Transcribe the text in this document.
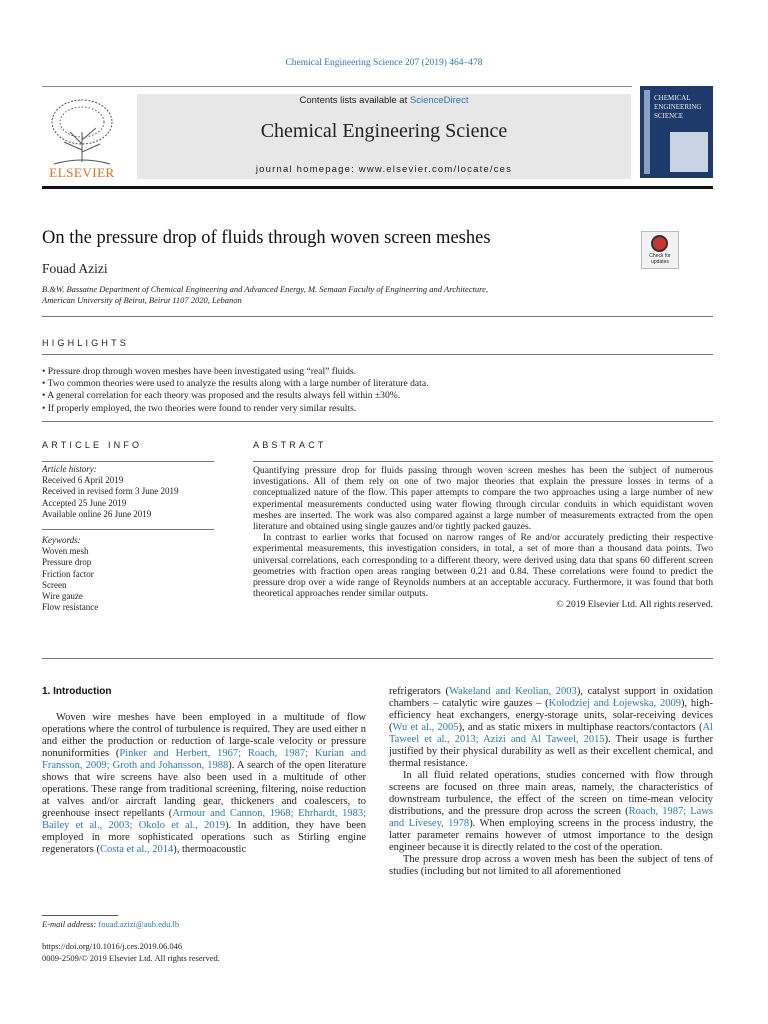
Chemical Engineering Science 207 (2019) 464–478
ELSEVIER
Contents lists available at ScienceDirect
Chemical Engineering Science
journal homepage: www.elsevier.com/locate/ces
CHEMICAL
ENGINEERING
SCIENCE
On the pressure drop of fluids through woven screen meshes
Fouad Azizi
B.&W. Bassatne Department of Chemical Engineering and Advanced Energy, M. Semaan Faculty of Engineering and Architecture,
American University of Beirut, Beirut 1107 2020, Lebanon
Check for
updates
HIGHLIGHTS
• Pressure drop through woven meshes have been investigated using “real” fluids.
• Two common theories were used to analyze the results along with a large number of literature data.
• A general correlation for each theory was proposed and the results always fell within ±30%.
• If properly employed, the two theories were found to render very similar results.
ARTICLE INFO
Article history:
Received 6 April 2019
Received in revised form 3 June 2019
Accepted 25 June 2019
Available online 26 June 2019
Keywords:
Woven mesh
Pressure drop
Friction factor
Screen
Wire gauze
Flow resistance
ABSTRACT

Quantifying pressure drop for fluids passing through woven screen meshes has been the subject of numerous investigations. All of them rely on one of two major theories that explain the pressure losses in terms of a conceptualized nature of the flow. This paper attempts to compare the two approaches using a large number of new experimental measurements conducted using water flowing through circular conduits in which equidistant woven meshes are inserted. The work was also compared against a large number of measurements extracted from the open literature and obtained using single gauzes and/or tightly packed gauzes.

In contrast to earlier works that focused on narrow ranges of Re and/or accurately predicting their respective experimental measurements, this investigation considers, in total, a set of more than a thousand data points. Two universal correlations, each corresponding to a different theory, were derived using data that spans 60 different screen geometries with fraction open areas ranging between 0.21 and 0.84. These correlations were found to predict the pressure drop over a wide range of Reynolds numbers at an acceptable accuracy. Furthermore, it was found that both theoretical approaches render similar outputs.

© 2019 Elsevier Ltd. All rights reserved.

1. Introduction

Woven wire meshes have been employed in a multitude of flow operations where the control of turbulence is required. They are used either n and either the production or reduction of large-scale velocity or pressure nonuniformities (Pinker and Herbert, 1967; Roach, 1987; Kurian and Fransson, 2009; Groth and Johansson, 1988). A search of the open literature shows that wire screens have also been used in a multitude of other operations. These range from traditional screening, filtering, noise reduction at valves and/or aircraft landing gear, thickeners and coalescers, to greenhouse insect repellants (Armour and Cannon, 1968; Ehrhardt, 1983; Bailey et al., 2003; Okolo et al., 2019). In addition, they have been employed in more sophisticated operations such as Stirling engine regenerators (Costa et al., 2014), thermoacoustic

refrigerators (Wakeland and Keolian, 2003), catalyst support in oxidation chambers – catalytic wire gauzes – (Kołodziej and Łojewska, 2009), high-efficiency heat exchangers, energy-storage units, solar-receiving devices (Wu et al., 2005), and as static mixers in multiphase reactors/contactors (Al Taweel et al., 2013; Azizi and Al Taweel, 2015). Their usage is further justified by their physical durability as well as their excellent chemical, and thermal resistance.

In all fluid related operations, studies concerned with flow through screens are focused on three main areas, namely, the characteristics of downstream turbulence, the effect of the screen on time-mean velocity distributions, and the pressure drop across the screen (Roach, 1987; Laws and Livesey, 1978). When employing screens in the process industry, the latter parameter remains however of utmost importance to the design engineer because it is directly related to the cost of the operation.

The pressure drop across a woven mesh has been the subject of tens of studies (including but not limited to all aforementioned

E-mail address: fouad.azizi@aub.edu.lb
https://doi.org/10.1016/j.ces.2019.06.046
0009-2509/© 2019 Elsevier Ltd. All rights reserved.
